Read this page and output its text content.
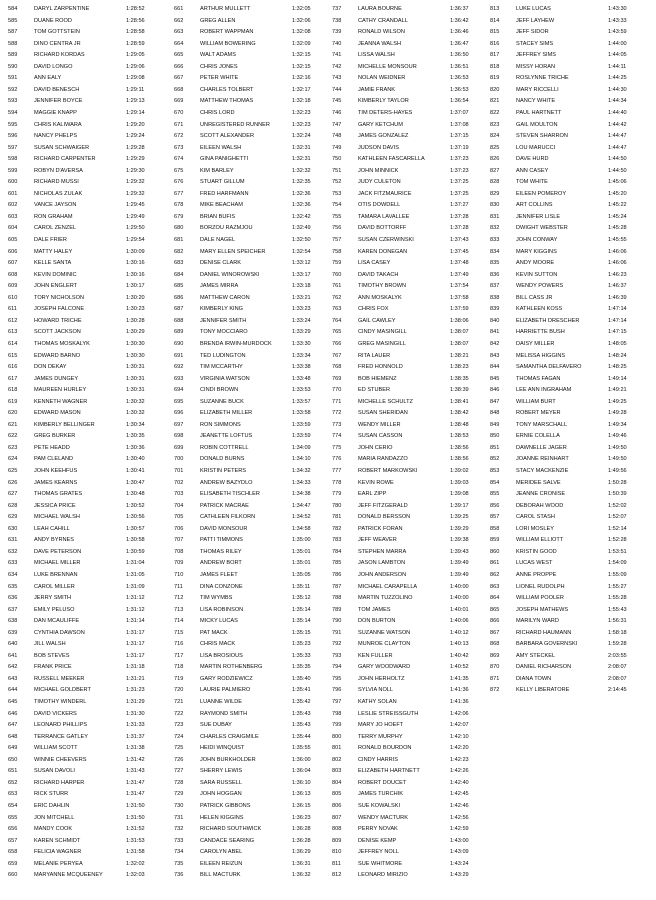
584	DARYL ZARPENTINE	1:28:52
585	DUANE ROOD	1:28:56
587	TOM GOTTSTEIN	1:28:58
588	DINO CENTRA JR	1:28:59
589	RICHARD KORDAS	1:29:05
590	DAVID LONGO	1:29:06
591	ANN EALY	1:29:08
592	DAVID BENESCH	1:29:11
593	JENNIFER BOYCE	1:29:13
594	MAGGIE KNAPP	1:29:14
595	CHRIS KALIWARA	1:29:20
596	NANCY PHELPS	1:29:24
597	SUSAN SCHWAIGER	1:29:28
598	RICHARD CARPENTER	1:29:29
599	ROBYN D'AVERSA	1:29:30
600	RICHARD MUSSI	1:29:32
601	NICHOLAS ZULAK	1:29:32
602	VANCE JAYSON	1:29:45
603	RON GRAHAM	1:29:49
604	CAROL ZENZEL	1:29:50
605	DALE FRIER	1:29:54
606	MATTY HALEY	1:30:09
607	KELLE SANTA	1:30:16
608	KEVIN DOMINIC	1:30:16
609	JOHN ENGLERT	1:30:17
610	TORY NICHOLSON	1:30:20
611	JOSEPH FALCONE	1:30:23
612	HOWARD TRICHE	1:30:28
613	SCOTT JACKSON	1:30:29
614	THOMAS MOSKALYK	1:30:30
615	EDWARD BARNO	1:30:30
616	DON DEKAY	1:30:31
617	JAMES DUNGEY	1:30:31
618	MAUREEN HURLEY	1:30:31
619	KENNETH WAGNER	1:30:32
620	EDWARD MASON	1:30:32
621	KIMBERLY BELLINGER	1:30:34
622	GREG BURKER	1:30:35
623	PETE HEADD	1:30:36
624	PAM CLELAND	1:30:40
625	JOHN KEEHFUS	1:30:41
626	JAMES KEARNS	1:30:47
627	THOMAS GRATES	1:30:48
628	JESSICA PRICE	1:30:52
629	MICHAEL WALSH	1:30:56
630	LEAH CAHILL	1:30:57
631	ANDY BYRNES	1:30:58
632	DAVE PETERSON	1:30:59
633	MICHAEL MILLER	1:31:04
634	LUKE BRENNAN	1:31:05
635	CAROL MILLER	1:31:09
636	JERRY SMITH	1:31:12
637	EMILY PELUSO	1:31:12
638	DAN MCAULIFFE	1:31:14
639	CYNTHIA DAWSON	1:31:17
640	JILL WALSH	1:31:17
641	BOB STEVES	1:31:17
642	FRANK PRICE	1:31:18
643	RUSSELL MEEKER	1:31:21
644	MICHAEL GOLDBERT	1:31:23
645	TIMOTHY WINDERL	1:31:29
646	DAVID VICKERS	1:31:30
647	LEONARD PHILLIPS	1:31:33
648	TERRANCE GATLEY	1:31:37
649	WILLIAM SCOTT	1:31:38
650	WINNIE CHEEVERS	1:31:42
651	SUSAN DAVOLI	1:31:43
652	RICHARD HARPER	1:31:47
653	RICK STURR	1:31:47
654	ERIC DAHLIN	1:31:50
655	JON MITCHELL	1:31:50
656	MANDY COOK	1:31:52
657	KAREN SCHMIDT	1:31:53
658	FELICIA WAGNER	1:31:58
659	MELANIE PERYEA	1:32:02
660	MARYANNE MCQUEENEY	1:32:03
661	ARTHUR MULLETT	1:32:05
662	GREG ALLEN	1:32:06
663	ROBERT WAPPMAN	1:32:08
664	WILLIAM BOWERING	1:32:09
665	WALT ADAMS	1:32:15
666	CHRIS JONES	1:32:15
667	PETER WHITE	1:32:16
668	CHARLES TOLBERT	1:32:17
669	MATTHEW THOMAS	1:32:18
670	CHRIS LORD	1:32:23
671	UNREGISTERED RUNNER	1:32:23
672	SCOTT ALEXANDER	1:32:24
673	EILEEN WALSH	1:32:31
674	GINA PANIGHETTI	1:32:31
675	KIM BARLEY	1:32:32
676	STUART GILLUM	1:32:35
677	FRED HARFMANN	1:32:36
678	MIKE BEACHAM	1:32:36
679	BRIAN BUFIS	1:32:42
680	BORZOU RAZMJOU	1:32:49
681	DALE NAGEL	1:32:50
682	MARY ELLEN SPEICHER	1:32:54
683	DENISE CLARK	1:33:12
684	DANIEL WINOROWSKI	1:33:17
685	JAMES MIRRA	1:33:18
686	MATTHEW CARON	1:33:21
687	KIMBERLY KING	1:33:23
688	JENNIFER SMITH	1:33:24
689	TONY MOCCIARO	1:33:29
690	BRENDA IRWIN-MURDOCK	1:33:30
691	TED LUDINGTON	1:33:34
692	TIM MCCARTHY	1:33:38
693	VIRGINIA WATSON	1:33:48
694	CINDI BROWN	1:33:53
695	SUZANNE BUCK	1:33:57
696	ELIZABETH MILLER	1:33:58
697	RON SIMMONS	1:33:59
698	JEANETTE LOFTUS	1:33:59
699	ROBIN COTTRELL	1:34:09
700	DONALD BURNS	1:34:10
701	KRISTIN PETERS	1:34:32
702	ANDREW BAZYDLO	1:34:33
703	ELISABETH TISCHLER	1:34:38
704	PATRICK MACRAE	1:34:47
705	CATHLEEN FILKORN	1:34:52
706	DAVID MONSOUR	1:34:58
707	PATTI TIMMONS	1:35:00
708	THOMAS RILEY	1:35:01
709	ANDREW BORT	1:35:01
710	JAMES FLEET	1:35:05
711	DINA CONZONE	1:35:11
712	TIM WYMBS	1:35:12
713	LISA ROBINSON	1:35:14
714	MICKY LUCAS	1:35:14
715	PAT MACK	1:35:15
716	CHRIS MACK	1:35:23
717	LISA BROSIOUS	1:35:33
718	MARTIN ROTHENBERG	1:35:35
719	GARY RODZIEWICZ	1:35:40
720	LAURIE PALMIERO	1:35:41
721	LUANNE WILDE	1:35:42
722	RAYMOND SMITH	1:35:43
723	SUE DUBAY	1:35:43
724	CHARLES CRAIGMILE	1:35:44
725	HEIDI WINQUIST	1:35:55
726	JOHN BURKHOLDER	1:36:00
727	SHERRY LEWIS	1:36:04
728	SARA RUSSELL	1:36:10
729	JOHN HOGGAN	1:36:13
730	PATRICK GIBBONS	1:36:15
731	HELEN KIGGINS	1:36:23
732	RICHARD SOUTHWICK	1:36:28
733	CANDACE SEARING	1:36:28
734	CAROLYN ABEL	1:36:29
735	EILEEN REIZUN	1:36:31
736	BILL MACTURK	1:36:32
737	LAURA BOURNE	1:36:37
738	CATHY CRANDALL	1:36:42
739	RONALD WILSON	1:36:46
740	JEANNA WALSH	1:36:47
741	LISSA WALSH	1:36:50
742	MICHELLE MONSOUR	1:36:51
743	NOLAN WEIDNER	1:36:53
744	JAMIE FRANK	1:36:53
745	KIMBERLY TAYLOR	1:36:54
746	TIM DETERS-HAYES	1:37:07
747	GARY KETCHUM	1:37:08
748	JAMES GONZALEZ	1:37:15
749	JUDSON DAVIS	1:37:19
750	KATHLEEN FASCARELLA	1:37:23
751	JOHN MINNICK	1:37:23
752	JUDY CULETON	1:37:25
753	JACK FITZMAURICE	1:37:25
754	OTIS DOWDELL	1:37:27
755	TAMARA LAVALLEE	1:37:28
756	DAVID BOTTORFF	1:37:28
757	SUSAN CZERWINSKI	1:37:43
758	KAREN DONEGAN	1:37:45
759	LISA CASEY	1:37:48
760	DAVID TAKACH	1:37:49
761	TIMOTHY BROWN	1:37:54
762	ANN MOSKALYK	1:37:58
763	CHRIS FOX	1:37:59
764	GAIL CAWLEY	1:38:06
765	CINDY MASINGILL	1:38:07
766	GREG MASINGILL	1:38:07
767	RITA LAUER	1:38:21
768	FRED HONNOLD	1:38:23
769	BOB HIEMENZ	1:38:35
770	ED STUBER	1:38:39
771	MICHELLE SCHULTZ	1:38:41
772	SUSAN SHERIDAN	1:38:42
773	WENDY MILLER	1:38:48
774	SUSAN CASSON	1:38:53
775	JOHN CERIO	1:38:56
776	MARIA RANDAZZO	1:38:56
777	ROBERT MARKOWSKI	1:39:02
778	KEVIN ROWE	1:39:03
779	EARL ZIPP	1:39:08
780	JEFF FITZGERALD	1:39:17
781	DONALD BERSSON	1:39:25
782	PATRICK FORAN	1:39:29
783	JEFF WEAVER	1:39:38
784	STEPHEN MARRA	1:39:43
785	JASON LAMBTON	1:39:49
786	JOHN ANDERSON	1:39:49
787	MICHAEL CARAPELLA	1:40:00
788	MARTIN TUZZOLINO	1:40:00
789	TOM JAMES	1:40:01
790	DON BURTON	1:40:06
791	SUZANNE WATSON	1:40:12
792	MUNROE CLAYTON	1:40:13
793	KEN FULLER	1:40:42
794	GARY WOODWARD	1:40:52
795	JOHN HERHOLTZ	1:41:35
796	SYLVIA NOLL	1:41:36
797	KATHY SOLAN	1:41:36
798	LESLIE STREISSGUTH	1:42:06
799	MARY JO HOEFT	1:42:07
800	TERRY MURPHY	1:42:10
801	RONALD BOURDON	1:42:20
802	CINDY HARRIS	1:42:23
803	ELIZABETH HARTNETT	1:42:26
804	ROBERT DOUCET	1:42:40
805	JAMES TURCHIK	1:42:45
806	SUE KOWALSKI	1:42:46
807	WENDY MACTURK	1:42:56
808	PERRY NOVAK	1:42:59
809	DENISE KEMP	1:43:00
810	JEFFREY NOLL	1:43:09
811	SUE WHITMORE	1:43:24
812	LEONARD MIRIZIO	1:43:29
813	LUKE LUCAS	1:43:30
814	JEFF LAYHEW	1:43:33
815	JEFF SIDOR	1:43:59
816	STACEY SIMS	1:44:00
817	JEFFREY SIMS	1:44:05
818	MISSY HORAN	1:44:11
819	ROSLYNNE TRICHE	1:44:25
820	MARY RICCELLI	1:44:30
821	NANCY WHITE	1:44:34
822	PAUL HARTNETT	1:44:40
823	GAIL MOULTON	1:44:42
824	STEVEN SHARRON	1:44:47
825	LOU MARUCCI	1:44:47
826	DAVE HURD	1:44:50
827	ANN CASEY	1:44:50
828	TOM WHITE	1:45:06
829	EILEEN POMEROY	1:45:20
830	ART COLLINS	1:45:22
831	JENNIFER LISLE	1:45:24
832	DWIGHT WEBSTER	1:45:28
833	JOHN CONWAY	1:45:55
834	MARY KIGGINS	1:46:06
835	ANDY MOORE	1:46:06
836	KEVIN SUTTON	1:46:23
837	WENDY POWERS	1:46:37
838	BILL CASS JR	1:46:39
839	KATHLEEN KOSS	1:47:14
840	ELIZABETH DRESCHER	1:47:14
841	HARRIETTE BUSH	1:47:15
842	DAISY MILLER	1:48:05
843	MELISSA HIGGINS	1:48:24
844	SAMANTHA DELFAVERO	1:48:25
845	THOMAS FAGAN	1:49:14
846	LEE ANN INGRAHAM	1:49:21
847	WILLIAM BURT	1:49:25
848	ROBERT MEYER	1:49:28
849	TONY MARSCHALL	1:49:34
850	ERNIE COLELLA	1:49:46
851	DAWNELLE JAGER	1:49:50
852	JOANNE REINHART	1:49:50
853	STACY MACKENZIE	1:49:56
854	MERIDEE SALVE	1:50:28
855	JEANNE CRONISE	1:50:39
856	DEBORAH WOOD	1:52:02
857	CAROL STASH	1:52:07
858	LORI MOSLEY	1:52:14
859	WILLIAM ELLIOTT	1:52:28
860	KRISTIN GOOD	1:53:51
861	LUCAS WEST	1:54:09
862	ANNE PROPPE	1:55:09
863	LIONEL RUDOLPH	1:55:27
864	WILLIAM POOLER	1:55:28
865	JOSEPH MATHEWS	1:55:43
866	MARILYN WARD	1:56:31
867	RICHARD HAUMANN	1:58:18
868	BARBARA GOVERNSKI	1:59:28
869	AMY STECKEL	2:03:55
870	DANIEL RICHARSON	2:08:07
871	DIANA TOWN	2:08:07
872	KELLY LIBERATORE	2:14:45
